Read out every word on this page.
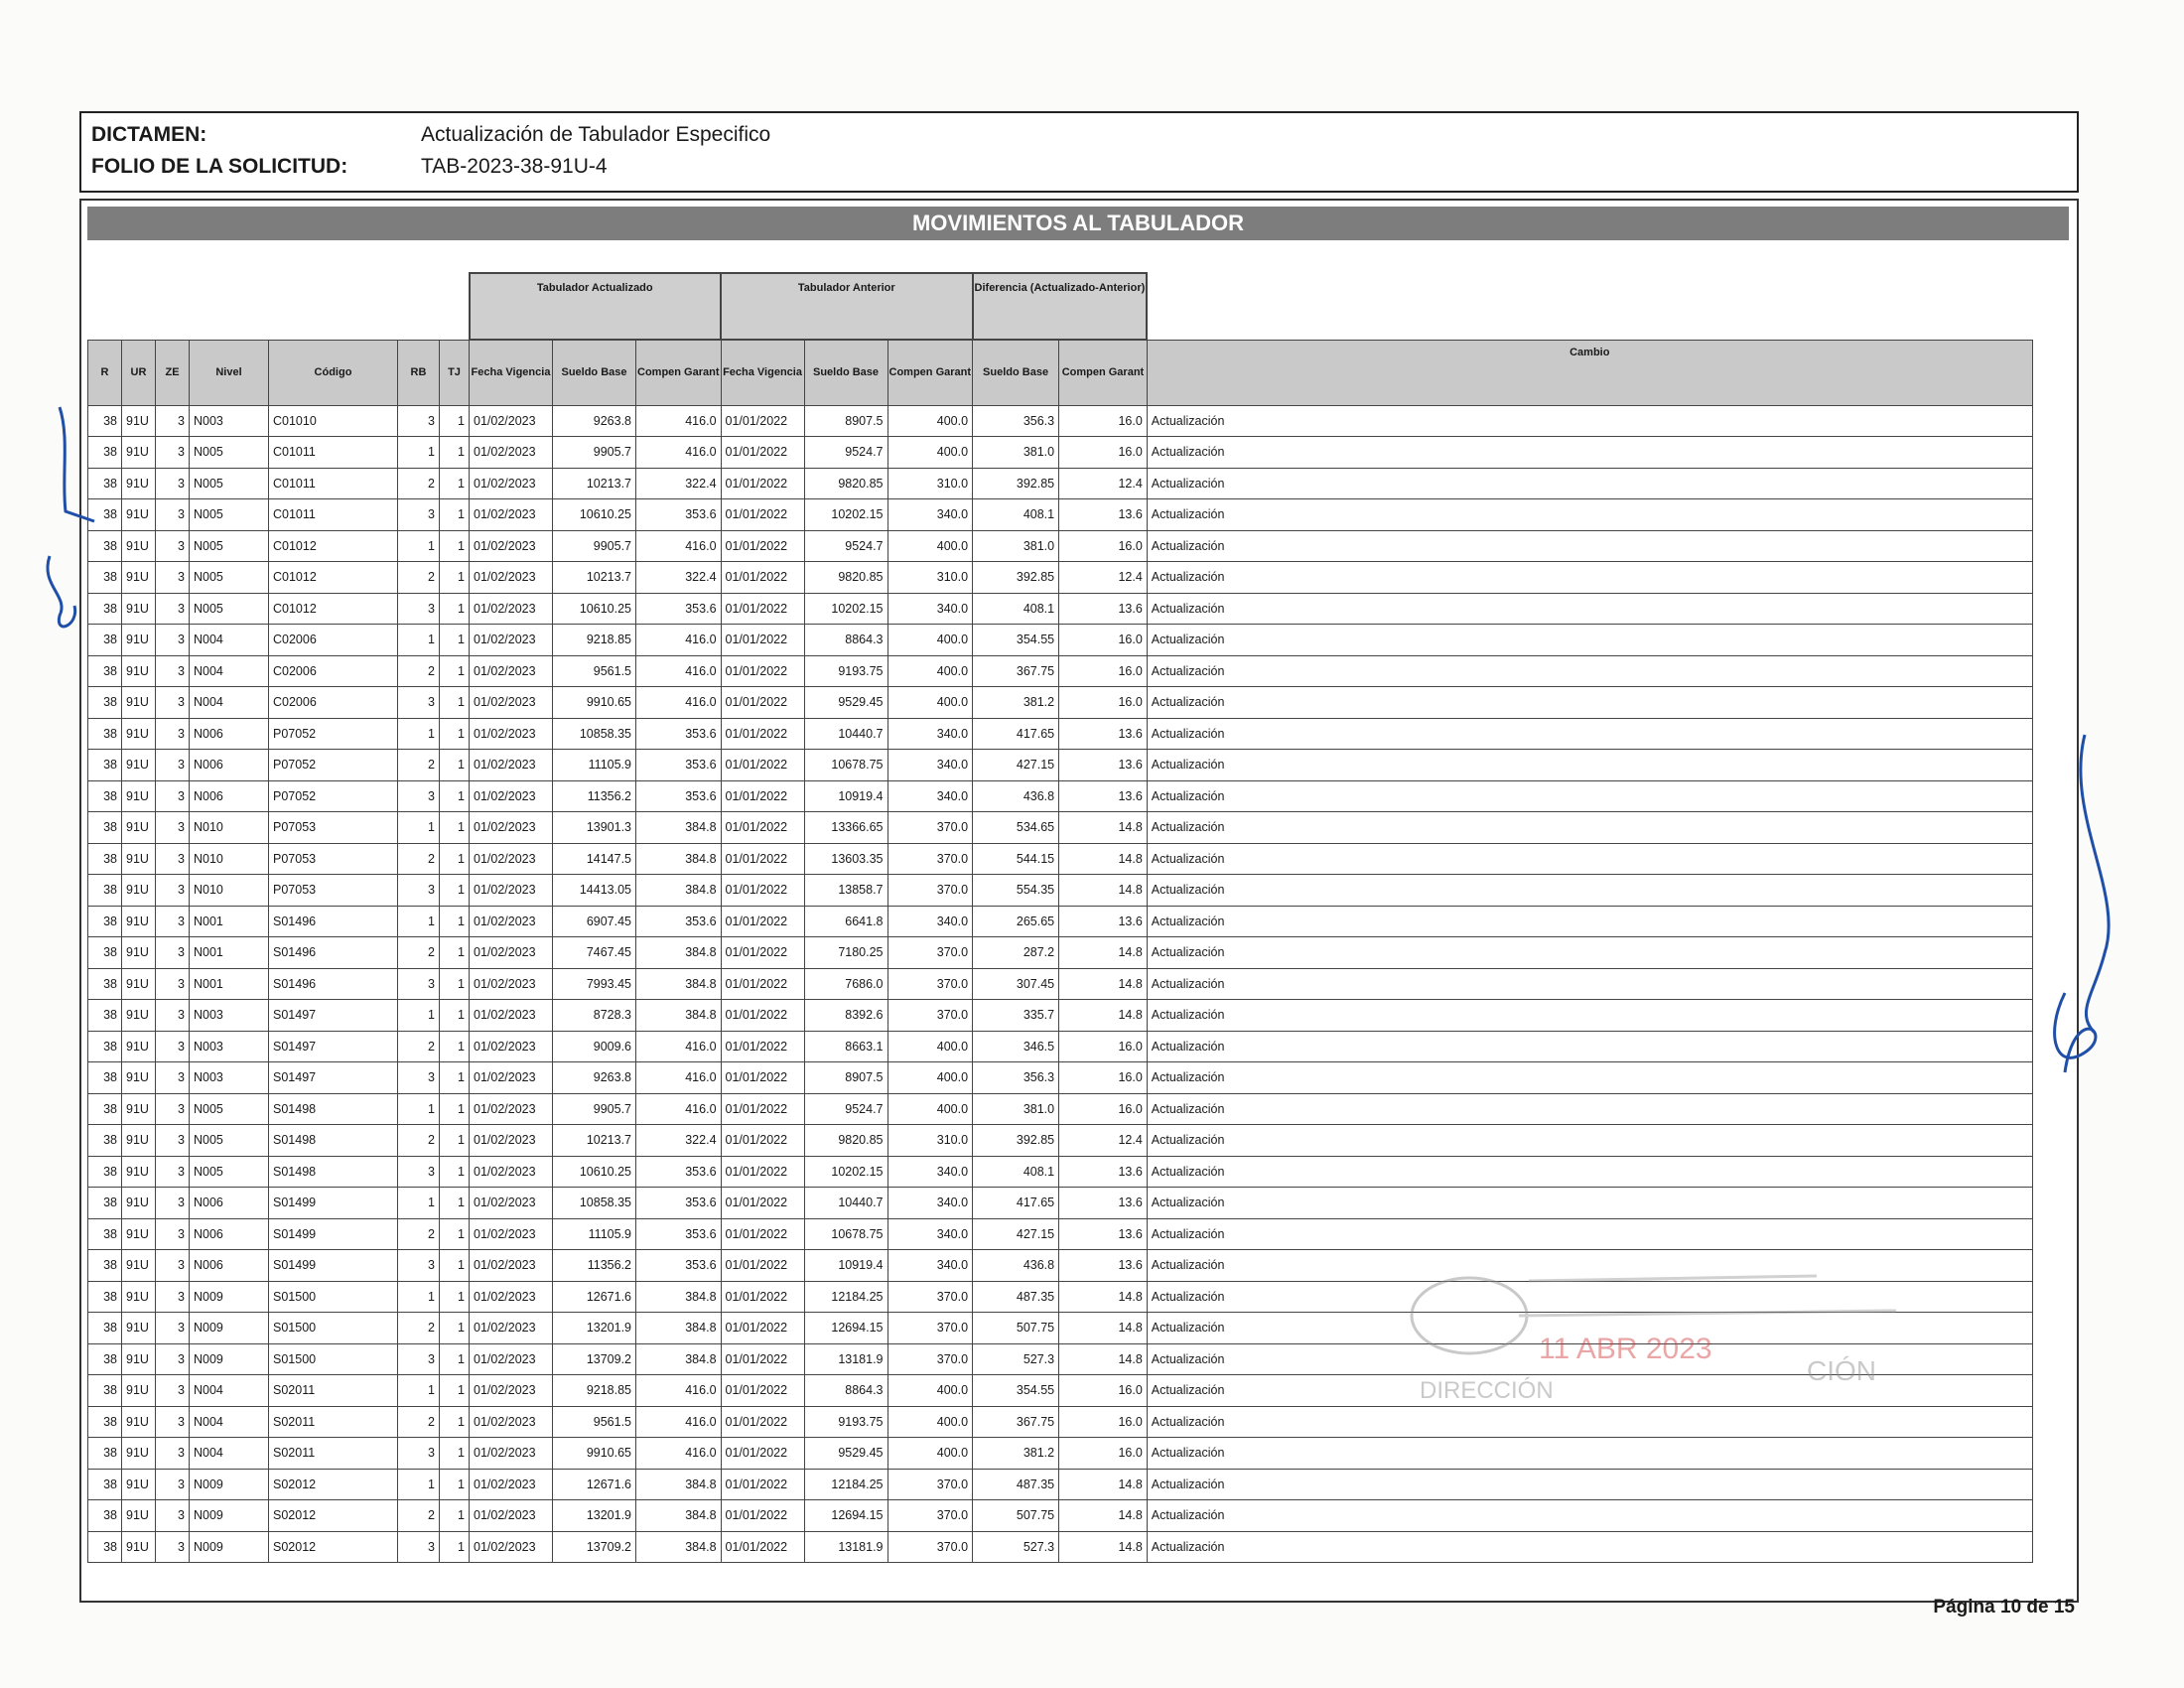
DICTAMEN:	Actualización de Tabulador Especifico
FOLIO DE LA SOLICITUD:	TAB-2023-38-91U-4
MOVIMIENTOS AL TABULADOR
							Tabulador Actualizado			Tabulador Anterior			Diferencia (Actualizado-Anterior)		
R	UR	ZE	Nivel	Código	RB	TJ	Fecha Vigencia	Sueldo Base	Compen Garant	Fecha Vigencia	Sueldo Base	Compen Garant	Sueldo Base	Compen Garant	Cambio
38	91U	3	N003	C01010	3	1	01/02/2023	9263.8	416.0	01/01/2022	8907.5	400.0	356.3	16.0	Actualización
38	91U	3	N005	C01011	1	1	01/02/2023	9905.7	416.0	01/01/2022	9524.7	400.0	381.0	16.0	Actualización
38	91U	3	N005	C01011	2	1	01/02/2023	10213.7	322.4	01/01/2022	9820.85	310.0	392.85	12.4	Actualización
38	91U	3	N005	C01011	3	1	01/02/2023	10610.25	353.6	01/01/2022	10202.15	340.0	408.1	13.6	Actualización
38	91U	3	N005	C01012	1	1	01/02/2023	9905.7	416.0	01/01/2022	9524.7	400.0	381.0	16.0	Actualización
38	91U	3	N005	C01012	2	1	01/02/2023	10213.7	322.4	01/01/2022	9820.85	310.0	392.85	12.4	Actualización
38	91U	3	N005	C01012	3	1	01/02/2023	10610.25	353.6	01/01/2022	10202.15	340.0	408.1	13.6	Actualización
38	91U	3	N004	C02006	1	1	01/02/2023	9218.85	416.0	01/01/2022	8864.3	400.0	354.55	16.0	Actualización
38	91U	3	N004	C02006	2	1	01/02/2023	9561.5	416.0	01/01/2022	9193.75	400.0	367.75	16.0	Actualización
38	91U	3	N004	C02006	3	1	01/02/2023	9910.65	416.0	01/01/2022	9529.45	400.0	381.2	16.0	Actualización
38	91U	3	N006	P07052	1	1	01/02/2023	10858.35	353.6	01/01/2022	10440.7	340.0	417.65	13.6	Actualización
38	91U	3	N006	P07052	2	1	01/02/2023	11105.9	353.6	01/01/2022	10678.75	340.0	427.15	13.6	Actualización
38	91U	3	N006	P07052	3	1	01/02/2023	11356.2	353.6	01/01/2022	10919.4	340.0	436.8	13.6	Actualización
38	91U	3	N010	P07053	1	1	01/02/2023	13901.3	384.8	01/01/2022	13366.65	370.0	534.65	14.8	Actualización
38	91U	3	N010	P07053	2	1	01/02/2023	14147.5	384.8	01/01/2022	13603.35	370.0	544.15	14.8	Actualización
38	91U	3	N010	P07053	3	1	01/02/2023	14413.05	384.8	01/01/2022	13858.7	370.0	554.35	14.8	Actualización
38	91U	3	N001	S01496	1	1	01/02/2023	6907.45	353.6	01/01/2022	6641.8	340.0	265.65	13.6	Actualización
38	91U	3	N001	S01496	2	1	01/02/2023	7467.45	384.8	01/01/2022	7180.25	370.0	287.2	14.8	Actualización
38	91U	3	N001	S01496	3	1	01/02/2023	7993.45	384.8	01/01/2022	7686.0	370.0	307.45	14.8	Actualización
38	91U	3	N003	S01497	1	1	01/02/2023	8728.3	384.8	01/01/2022	8392.6	370.0	335.7	14.8	Actualización
38	91U	3	N003	S01497	2	1	01/02/2023	9009.6	416.0	01/01/2022	8663.1	400.0	346.5	16.0	Actualización
38	91U	3	N003	S01497	3	1	01/02/2023	9263.8	416.0	01/01/2022	8907.5	400.0	356.3	16.0	Actualización
38	91U	3	N005	S01498	1	1	01/02/2023	9905.7	416.0	01/01/2022	9524.7	400.0	381.0	16.0	Actualización
38	91U	3	N005	S01498	2	1	01/02/2023	10213.7	322.4	01/01/2022	9820.85	310.0	392.85	12.4	Actualización
38	91U	3	N005	S01498	3	1	01/02/2023	10610.25	353.6	01/01/2022	10202.15	340.0	408.1	13.6	Actualización
38	91U	3	N006	S01499	1	1	01/02/2023	10858.35	353.6	01/01/2022	10440.7	340.0	417.65	13.6	Actualización
38	91U	3	N006	S01499	2	1	01/02/2023	11105.9	353.6	01/01/2022	10678.75	340.0	427.15	13.6	Actualización
38	91U	3	N006	S01499	3	1	01/02/2023	11356.2	353.6	01/01/2022	10919.4	340.0	436.8	13.6	Actualización
38	91U	3	N009	S01500	1	1	01/02/2023	12671.6	384.8	01/01/2022	12184.25	370.0	487.35	14.8	Actualización
38	91U	3	N009	S01500	2	1	01/02/2023	13201.9	384.8	01/01/2022	12694.15	370.0	507.75	14.8	Actualización
38	91U	3	N009	S01500	3	1	01/02/2023	13709.2	384.8	01/01/2022	13181.9	370.0	527.3	14.8	Actualización
38	91U	3	N004	S02011	1	1	01/02/2023	9218.85	416.0	01/01/2022	8864.3	400.0	354.55	16.0	Actualización
38	91U	3	N004	S02011	2	1	01/02/2023	9561.5	416.0	01/01/2022	9193.75	400.0	367.75	16.0	Actualización
38	91U	3	N004	S02011	3	1	01/02/2023	9910.65	416.0	01/01/2022	9529.45	400.0	381.2	16.0	Actualización
38	91U	3	N009	S02012	1	1	01/02/2023	12671.6	384.8	01/01/2022	12184.25	370.0	487.35	14.8	Actualización
38	91U	3	N009	S02012	2	1	01/02/2023	13201.9	384.8	01/01/2022	12694.15	370.0	507.75	14.8	Actualización
38	91U	3	N009	S02012	3	1	01/02/2023	13709.2	384.8	01/01/2022	13181.9	370.0	527.3	14.8	Actualización
Página 10 de 15
CIÓN
11 ABR 2023
DIRECCIÓN
